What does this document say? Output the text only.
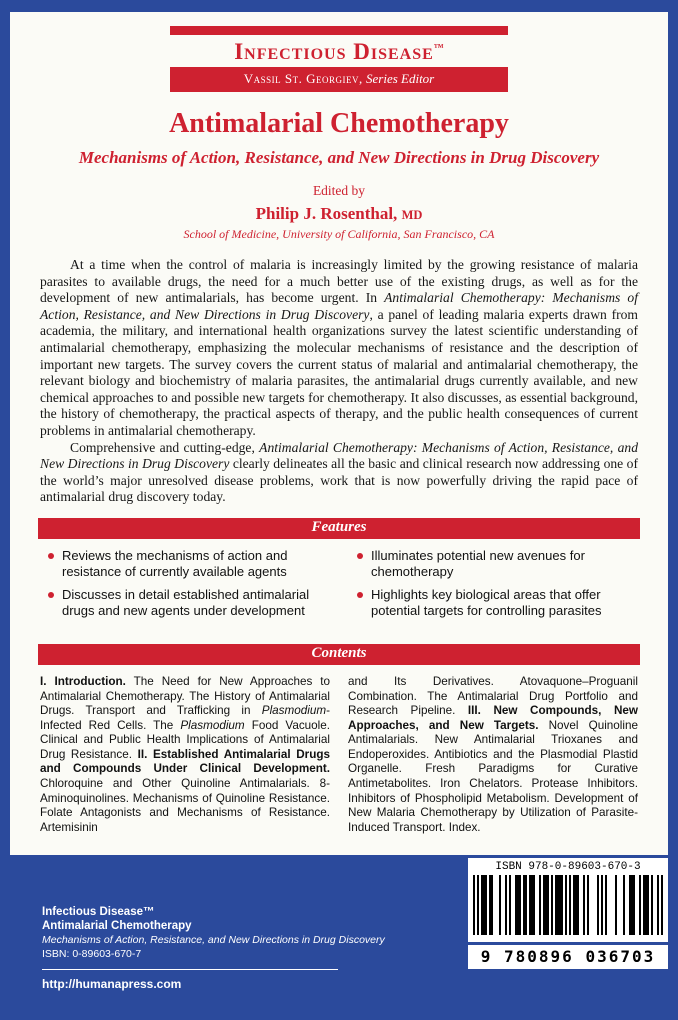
Infectious Disease™
Vassil St. Georgiev, Series Editor
Antimalarial Chemotherapy
Mechanisms of Action, Resistance, and New Directions in Drug Discovery
Edited by
Philip J. Rosenthal, MD
School of Medicine, University of California, San Francisco, CA

At a time when the control of malaria is increasingly limited by the growing resistance of malaria parasites to available drugs, the need for a much better use of the existing drugs, as well as for the development of new antimalarials, has become urgent. In Antimalarial Chemotherapy: Mechanisms of Action, Resistance, and New Directions in Drug Discovery, a panel of leading malaria experts drawn from academia, the military, and international health organizations survey the latest scientific understanding of antimalarial chemotherapy, emphasizing the molecular mechanisms of resistance and the description of important new targets. The survey covers the current status of malarial and antimalarial chemotherapy, the relevant biology and biochemistry of malaria parasites, the antimalarial drugs currently available, and new chemical approaches to and possible new targets for chemotherapy. It also discusses, as essential background, the history of chemotherapy, the practical aspects of therapy, and the public health consequences of current problems in antimalarial chemotherapy.

Comprehensive and cutting-edge, Antimalarial Chemotherapy: Mechanisms of Action, Resistance, and New Directions in Drug Discovery clearly delineates all the basic and clinical research now addressing one of the world’s major unresolved disease problems, work that is now powerfully driving the rapid pace of antimalarial drug discovery today.

Features
Reviews the mechanisms of action and resistance of currently available agents
Discusses in detail established antimalarial drugs and new agents under development
Illuminates potential new avenues for chemotherapy
Highlights key biological areas that offer potential targets for controlling parasites
Contents
I. Introduction. The Need for New Approaches to Antimalarial Chemotherapy. The History of Antimalarial Drugs. Transport and Trafficking in Plasmodium-Infected Red Cells. The Plasmodium Food Vacuole. Clinical and Public Health Implications of Antimalarial Drug Resistance. II. Established Antimalarial Drugs and Compounds Under Clinical Development. Chloroquine and Other Quinoline Antimalarials. 8-Aminoquinolines. Mechanisms of Quinoline Resistance. Folate Antagonists and Mechanisms of Resistance. Artemisinin
and Its Derivatives. Atovaquone–Proguanil Combination. The Antimalarial Drug Portfolio and Research Pipeline. III. New Compounds, New Approaches, and New Targets. Novel Quinoline Antimalarials. New Antimalarial Trioxanes and Endoperoxides. Antibiotics and the Plasmodial Plastid Organelle. Fresh Paradigms for Curative Antimetabolites. Iron Chelators. Protease Inhibitors. Inhibitors of Phospholipid Metabolism. Development of New Malaria Chemotherapy by Utilization of Parasite-Induced Transport. Index.
Infectious Disease™
Antimalarial Chemotherapy
Mechanisms of Action, Resistance, and New Directions in Drug Discovery
ISBN: 0-89603-670-7
http://humanapress.com
ISBN 978-0-89603-670-3
9 780896 036703
